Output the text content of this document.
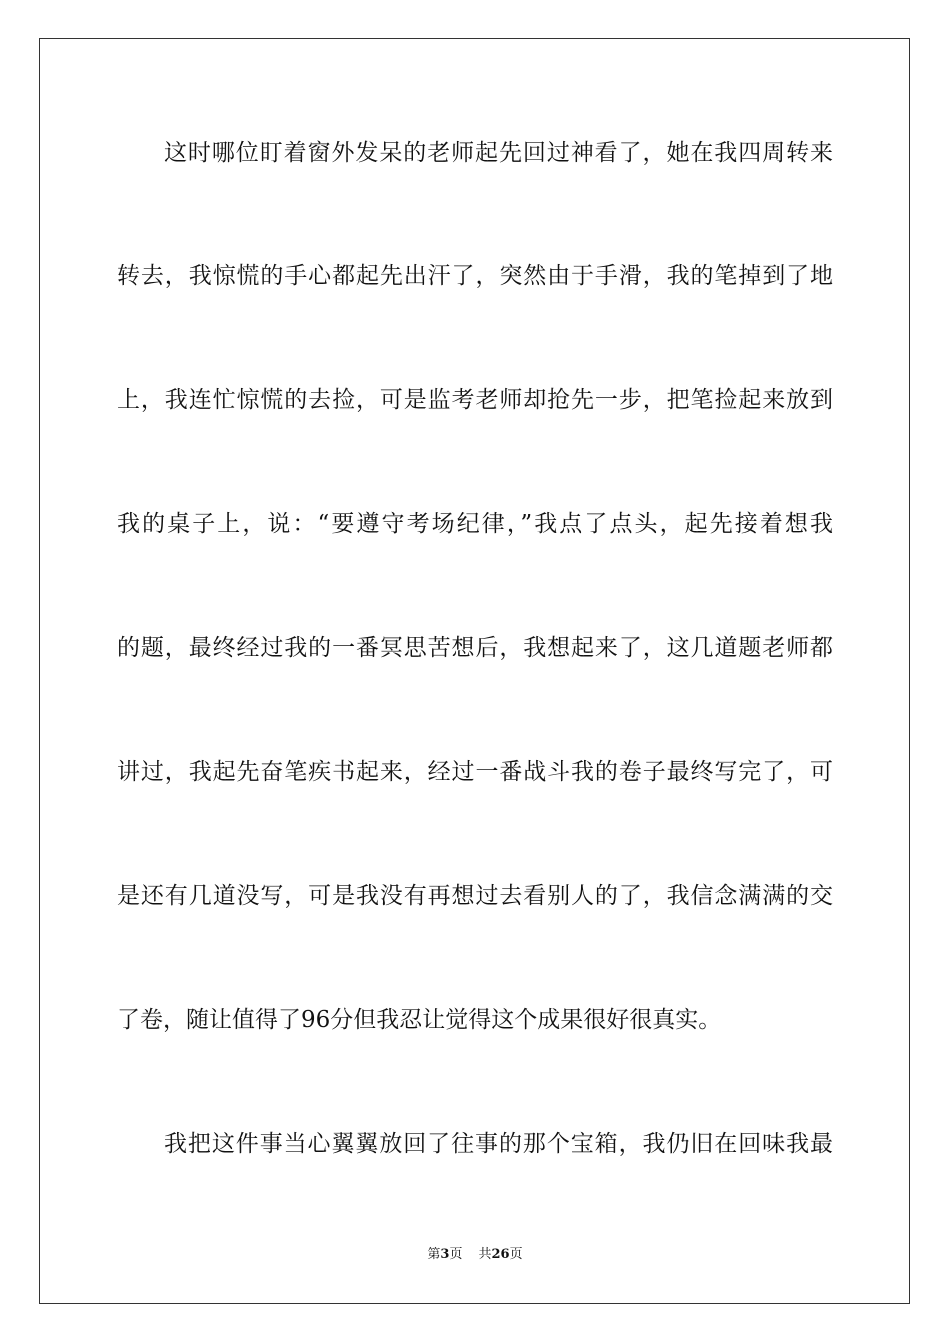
这时哪位盯着窗外发呆的老师起先回过神看了，她在我四周转来
转去，我惊慌的手心都起先出汗了，突然由于手滑，我的笔掉到了地
上，我连忙惊慌的去捡，可是监考老师却抢先一步，把笔捡起来放到
我的桌子上，说：“要遵守考场纪律，”我点了点头，起先接着想我
的题，最终经过我的一番冥思苦想后，我想起来了，这几道题老师都
讲过，我起先奋笔疾书起来，经过一番战斗我的卷子最终写完了，可
是还有几道没写，可是我没有再想过去看别人的了，我信念满满的交
了卷，随让值得了96分但我忍让觉得这个成果很好很真实。
我把这件事当心翼翼放回了往事的那个宝箱，我仍旧在回味我最
第3页 共26页
